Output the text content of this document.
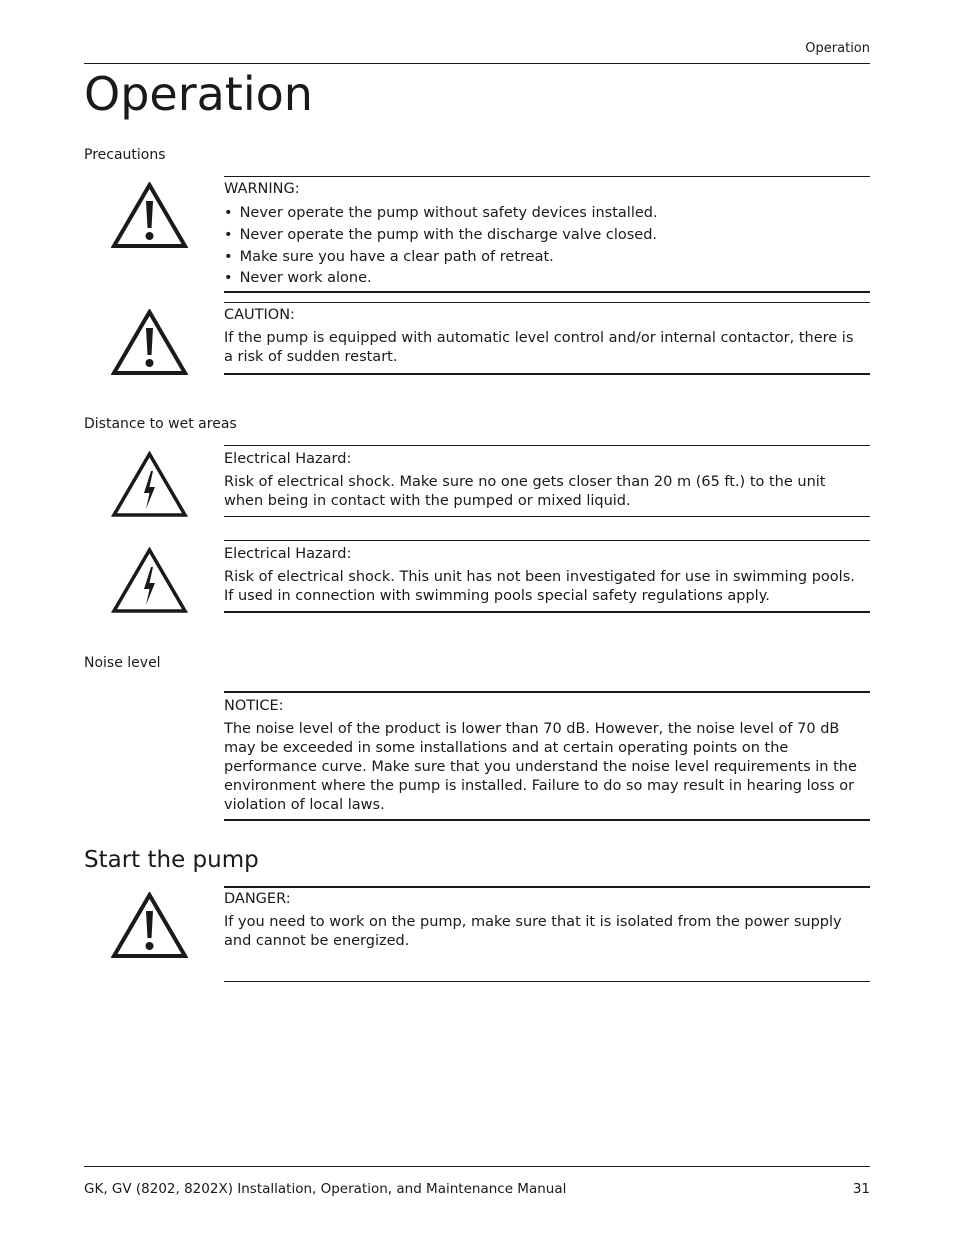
Operation
Operation
Precautions
WARNING:
• Never operate the pump without safety devices installed.
• Never operate the pump with the discharge valve closed.
• Make sure you have a clear path of retreat.
• Never work alone.
CAUTION:

If the pump is equipped with automatic level control and/or internal contactor, there is a risk of sudden restart.

Distance to wet areas
Electrical Hazard:

Risk of electrical shock. Make sure no one gets closer than 20 m (65 ft.) to the unit when being in contact with the pumped or mixed liquid.

Electrical Hazard:

Risk of electrical shock. This unit has not been investigated for use in swimming pools. If used in connection with swimming pools special safety regulations apply.

Noise level
NOTICE:

The noise level of the product is lower than 70 dB. However, the noise level of 70 dB may be exceeded in some installations and at certain operating points on the performance curve. Make sure that you understand the noise level requirements in the environment where the pump is installed. Failure to do so may result in hearing loss or violation of local laws.

Start the pump
DANGER:

If you need to work on the pump, make sure that it is isolated from the power supply and cannot be energized.

GK, GV (8202, 8202X) Installation, Operation, and Maintenance Manual	31
